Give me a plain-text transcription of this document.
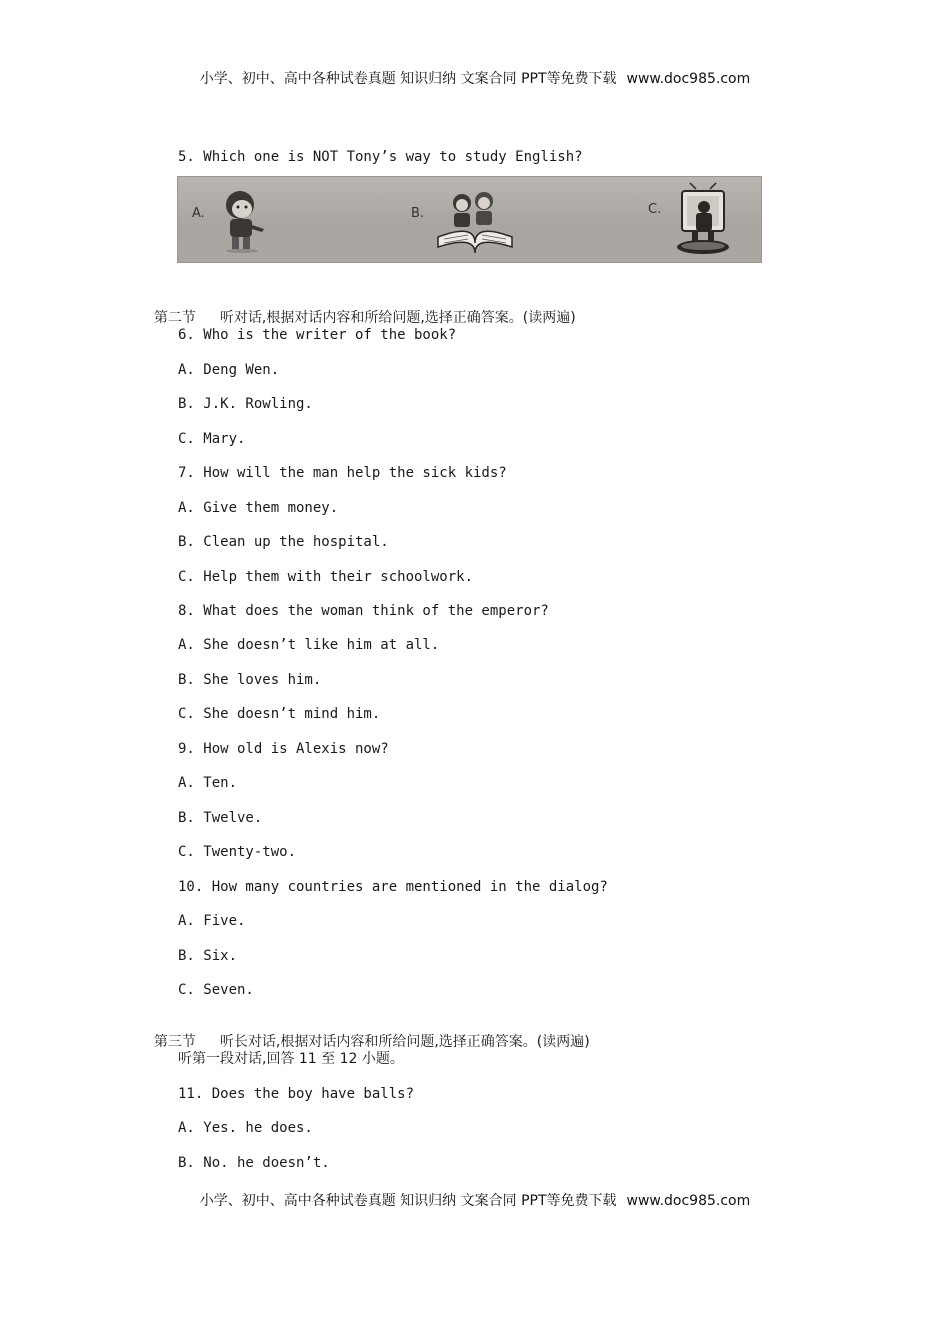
小学、初中、高中各种试卷真题 知识归纳 文案合同 PPT等免费下载 www.doc985.com
5. Which one is NOT Tony’s way to study English?
A.	B.	C.

第二节 听对话,根据对话内容和所给问题,选择正确答案。(读两遍)

6. Who is the writer of the book?
A. Deng Wen.
B. J.K. Rowling.
C. Mary.
7. How will the man help the sick kids?
A. Give them money.
B. Clean up the hospital.
C. Help them with their schoolwork.
8. What does the woman think of the emperor?
A. She doesn’t like him at all.
B. She loves him.
C. She doesn’t mind him.
9. How old is Alexis now?
A. Ten.
B. Twelve.
C. Twenty-two.
10. How many countries are mentioned in the dialog?
A. Five.
B. Six.
C. Seven.

第三节 听长对话,根据对话内容和所给问题,选择正确答案。(读两遍)

听第一段对话,回答 11 至 12 小题。
11. Does the boy have balls?
A. Yes. he does.
B. No. he doesn’t.
小学、初中、高中各种试卷真题 知识归纳 文案合同 PPT等免费下载 www.doc985.com
